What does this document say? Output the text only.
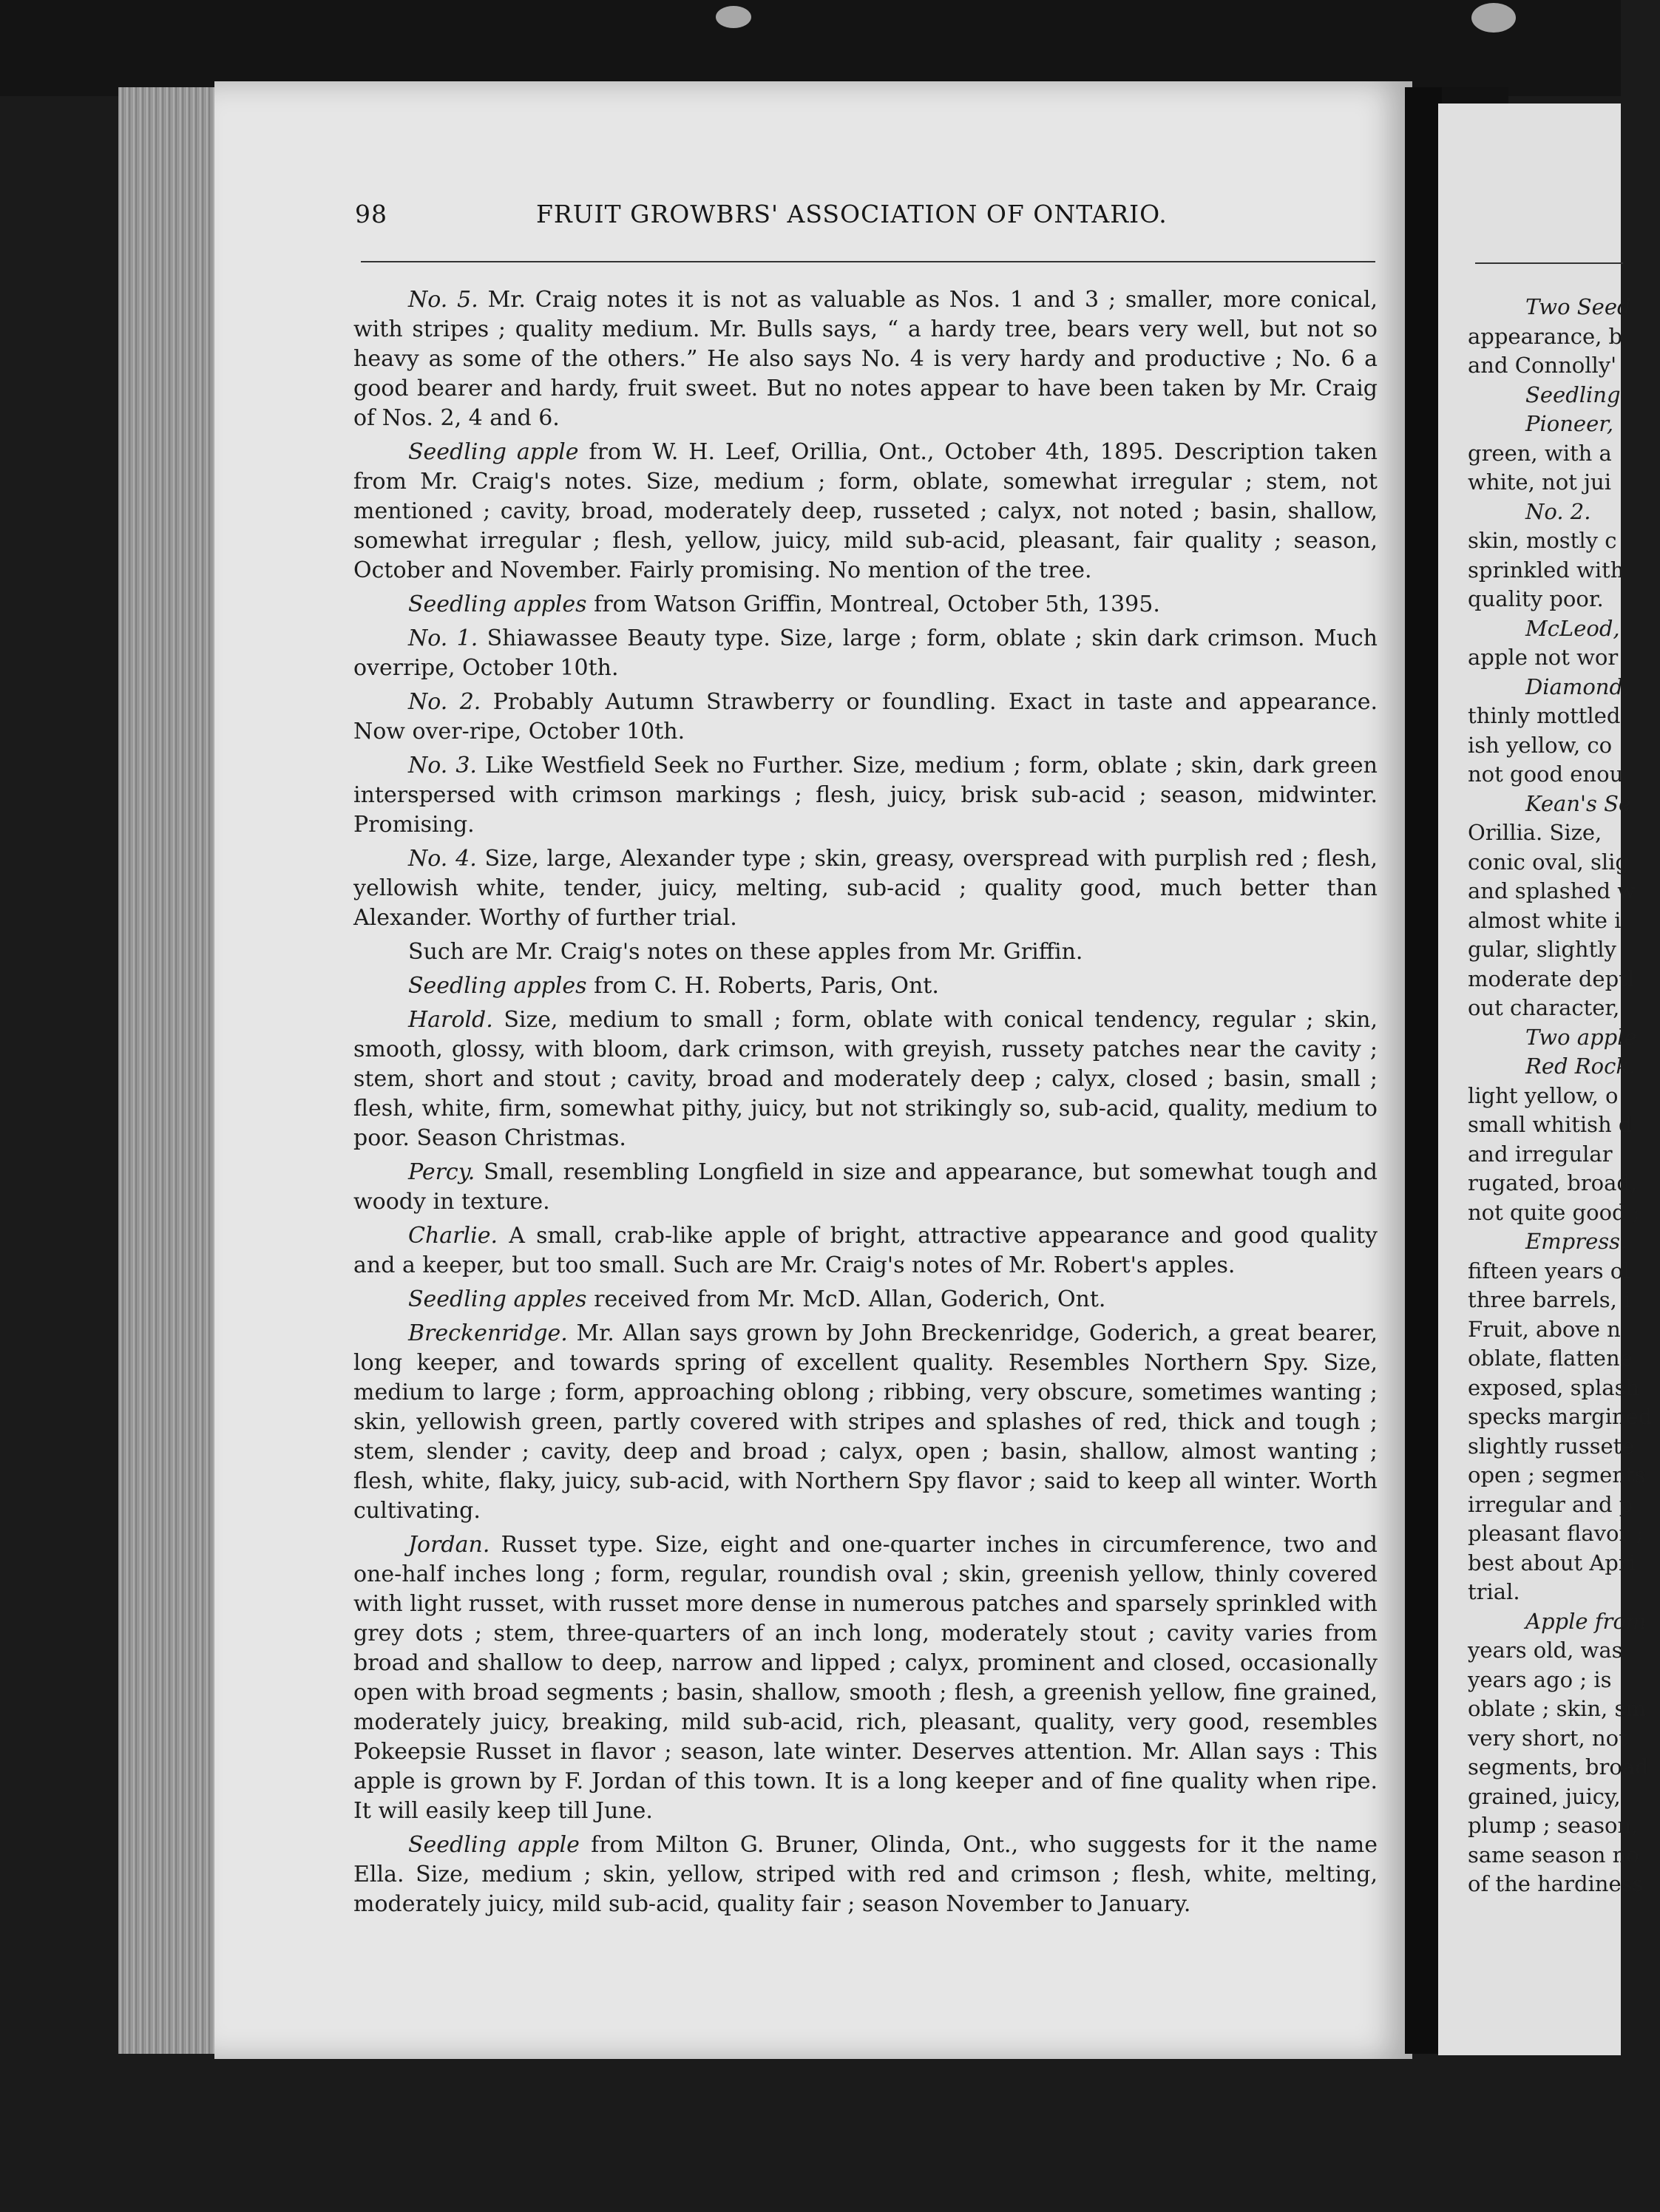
98	FRUIT GROWBRS' ASSOCIATION OF ONTARIO.

No. 5. Mr. Craig notes it is not as valuable as Nos. 1 and 3 ; smaller, more conical, with stripes ; quality medium. Mr. Bulls says, “ a hardy tree, bears very well, but not so heavy as some of the others.” He also says No. 4 is very hardy and productive ; No. 6 a good bearer and hardy, fruit sweet. But no notes appear to have been taken by Mr. Craig of Nos. 2, 4 and 6.

Seedling apple from W. H. Leef, Orillia, Ont., October 4th, 1895. Description taken from Mr. Craig's notes. Size, medium ; form, oblate, somewhat irregular ; stem, not mentioned ; cavity, broad, moderately deep, russeted ; calyx, not noted ; basin, shallow, somewhat irregular ; flesh, yellow, juicy, mild sub-acid, pleasant, fair quality ; season, October and November. Fairly promising. No mention of the tree.

Seedling apples from Watson Griffin, Montreal, October 5th, 1395.

No. 1. Shiawassee Beauty type. Size, large ; form, oblate ; skin dark crimson. Much overripe, October 10th.

No. 2. Probably Autumn Strawberry or foundling. Exact in taste and appearance. Now over-ripe, October 10th.

No. 3. Like Westfield Seek no Further. Size, medium ; form, oblate ; skin, dark green interspersed with crimson markings ; flesh, juicy, brisk sub-acid ; season, midwinter. Promising.

No. 4. Size, large, Alexander type ; skin, greasy, overspread with purplish red ; flesh, yellowish white, tender, juicy, melting, sub-acid ; quality good, much better than Alexander. Worthy of further trial.

Such are Mr. Craig's notes on these apples from Mr. Griffin.

Seedling apples from C. H. Roberts, Paris, Ont.

Harold. Size, medium to small ; form, oblate with conical tendency, regular ; skin, smooth, glossy, with bloom, dark crimson, with greyish, russety patches near the cavity ; stem, short and stout ; cavity, broad and moderately deep ; calyx, closed ; basin, small ; flesh, white, firm, somewhat pithy, juicy, but not strikingly so, sub-acid, quality, medium to poor. Season Christmas.

Percy. Small, resembling Longfield in size and appearance, but somewhat tough and woody in texture.

Charlie. A small, crab-like apple of bright, attractive appearance and good quality and a keeper, but too small. Such are Mr. Craig's notes of Mr. Robert's apples.

Seedling apples received from Mr. McD. Allan, Goderich, Ont.

Breckenridge. Mr. Allan says grown by John Breckenridge, Goderich, a great bearer, long keeper, and towards spring of excellent quality. Resembles Northern Spy. Size, medium to large ; form, approaching oblong ; ribbing, very obscure, sometimes wanting ; skin, yellowish green, partly covered with stripes and splashes of red, thick and tough ; stem, slender ; cavity, deep and broad ; calyx, open ; basin, shallow, almost wanting ; flesh, white, flaky, juicy, sub-acid, with Northern Spy flavor ; said to keep all winter. Worth cultivating.

Jordan. Russet type. Size, eight and one-quarter inches in circumference, two and one-half inches long ; form, regular, roundish oval ; skin, greenish yellow, thinly covered with light russet, with russet more dense in numerous patches and sparsely sprinkled with grey dots ; stem, three-quarters of an inch long, moderately stout ; cavity varies from broad and shallow to deep, narrow and lipped ; calyx, prominent and closed, occasionally open with broad segments ; basin, shallow, smooth ; flesh, a greenish yellow, fine grained, moderately juicy, breaking, mild sub-acid, rich, pleasant, quality, very good, resembles Pokeepsie Russet in flavor ; season, late winter. Deserves attention. Mr. Allan says : This apple is grown by F. Jordan of this town. It is a long keeper and of fine quality when ripe. It will easily keep till June.

Seedling apple from Milton G. Bruner, Olinda, Ont., who suggests for it the name Ella. Size, medium ; skin, yellow, striped with red and crimson ; flesh, white, melting, moderately juicy, mild sub-acid, quality fair ; season November to January.

Two Seed
appearance, b
and Connolly'
Seedling
Pioneer,
green, with a
white, not jui
No. 2.
skin, mostly c
sprinkled with
quality poor.
McLeod,
apple not wor
Diamond,
thinly mottled
ish yellow, co
not good enou
Kean's Se
Orillia. Size,
conic oval, slig
and splashed w
almost white i
gular, slightly
moderate deptl
out character,
Two apple
Red Rock.
light yellow, o
small whitish d
and irregular
rugated, broad,
not quite good ;
Empress.
fifteen years ol
three barrels, i
Fruit, above n
oblate, flattene
exposed, splash
specks margined
slightly russete
open ; segments
irregular and p
pleasant flavor ;
best about Apri
trial.
Apple from
years old, was
years ago ; is
oblate ; skin, sm
very short, not
segments, broad
grained, juicy,
plump ; season,
same season no
of the hardiness
